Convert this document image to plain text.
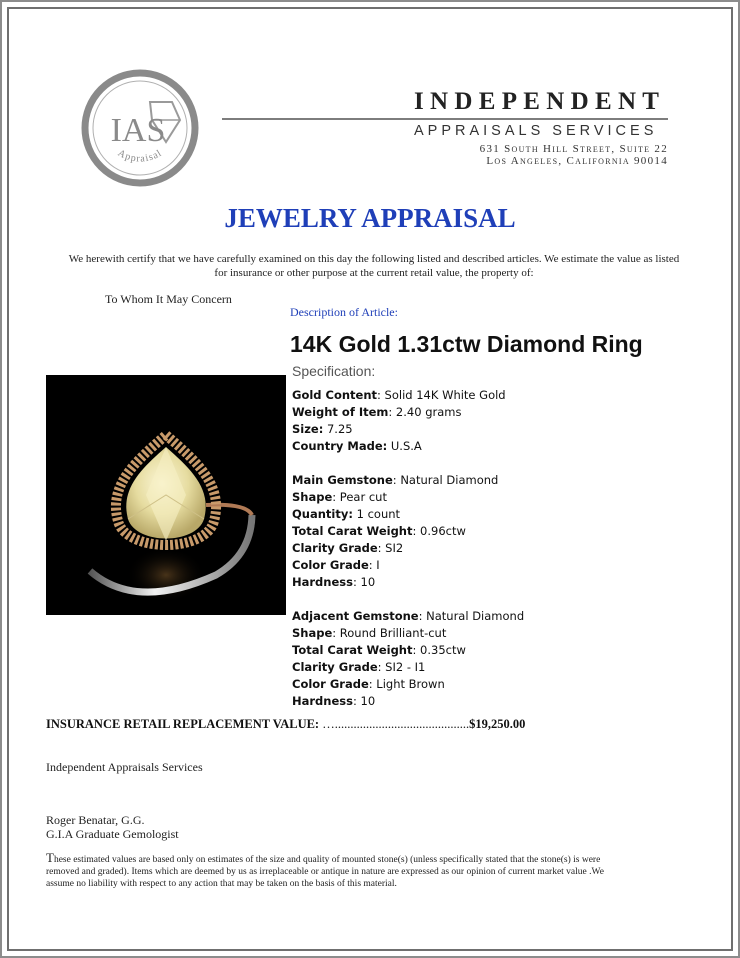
IAS
Appraisal
INDEPENDENT
APPRAISALS SERVICES
631 South Hill Street, Suite 22
Los Angeles, California 90014
JEWELRY APPRAISAL
We herewith certify that we have carefully examined on this day the following listed and described articles. We estimate the value as listed for insurance or other purpose at the current retail value, the property of:
To Whom It May Concern
Description of Article:
14K Gold 1.31ctw Diamond Ring
Specification:
Gold Content: Solid 14K White Gold
Weight of Item: 2.40 grams
Size: 7.25
Country Made: U.S.A
Main Gemstone: Natural Diamond
Shape: Pear cut
Quantity: 1 count
Total Carat Weight: 0.96ctw
Clarity Grade: SI2
Color Grade: I
Hardness: 10
Adjacent Gemstone: Natural Diamond
Shape: Round Brilliant-cut
Total Carat Weight: 0.35ctw
Clarity Grade: SI2 - I1
Color Grade: Light Brown
Hardness: 10
INSURANCE RETAIL REPLACEMENT VALUE: …...........................................$19,250.00
Independent Appraisals Services
Roger Benatar, G.G.
G.I.A Graduate Gemologist
These estimated values are based only on estimates of the size and quality of mounted stone(s) (unless specifically stated that the stone(s) is were removed and graded). Items which are deemed by us as irreplaceable or antique in nature are expressed as our opinion of current market value .We assume no liability with respect to any action that may be taken on the basis of this material.
